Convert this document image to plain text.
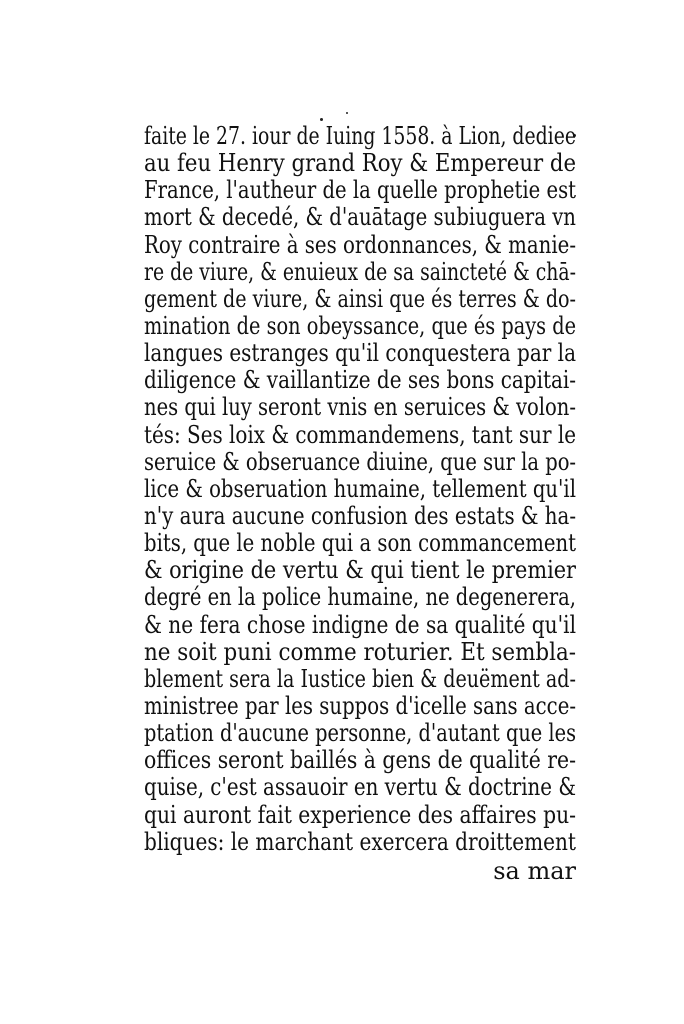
faite le 27. iour de Iuing 1558. à Lion, dediee
au feu Henry grand Roy & Empereur de
France, l'autheur de la quelle prophetie est
mort & decedé, & d'auātage subiuguera vn
Roy contraire à ses ordonnances, & manie-
re de viure, & enuieux de sa saincteté & chā-
gement de viure, & ainsi que és terres & do-
mination de son obeyssance, que és pays de
langues estranges qu'il conquestera par la
diligence & vaillantize de ses bons capitai-
nes qui luy seront vnis en seruices & volon-
tés: Ses loix & commandemens, tant sur le
seruice & obseruance diuine, que sur la po-
lice & obseruation humaine, tellement qu'il
n'y aura aucune confusion des estats & ha-
bits, que le noble qui a son commancement
& origine de vertu & qui tient le premier
degré en la police humaine, ne degenerera,
& ne fera chose indigne de sa qualité qu'il
ne soit puni comme roturier. Et sembla-
blement sera la Iustice bien & deuëment ad-
ministree par les suppos d'icelle sans acce-
ptation d'aucune personne, d'autant que les
offices seront baillés à gens de qualité re-
quise, c'est assauoir en vertu & doctrine &
qui auront fait experience des affaires pu-
bliques: le marchant exercera droittement
sa mar
